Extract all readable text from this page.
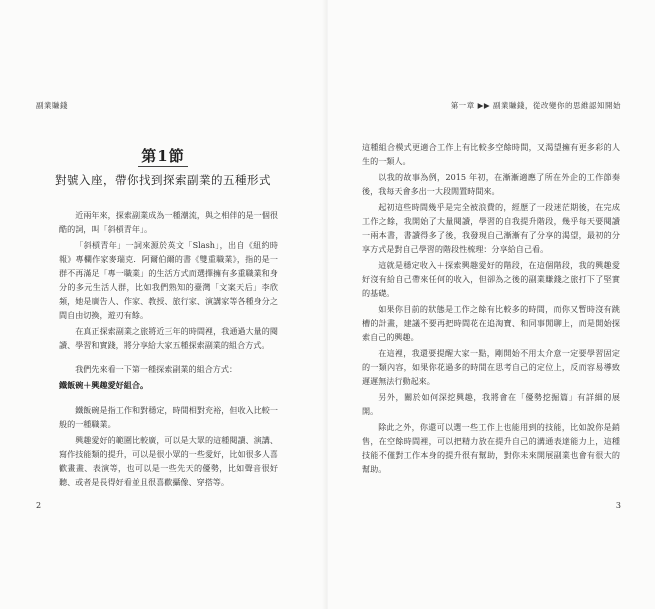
副業賺錢
第1節
對號入座，帶你找到探索副業的五種形式

近兩年來，探索副業成為一種潮流，與之相伴的是一個很酷的詞，叫「斜槓青年」。

「斜槓青年」一詞來源於英文「Slash」，出自《紐約時報》專欄作家麥瑞克．阿爾伯爾的書《雙重職業》，指的是一群不再滿足「專一職業」的生活方式而選擇擁有多重職業和身分的多元生活人群，比如我們熟知的臺灣「文案天后」李欣頻，她是廣告人、作家、教授、旅行家、演講家等各種身分之間自由切換，遊刃有餘。

在真正探索副業之旅將近三年的時間裡，我通過大量的閱讀、學習和實踐，將分享給大家五種探索副業的組合方式。

我們先來看一下第一種探索副業的組合方式：

鐵飯碗＋興趣愛好組合。

鐵飯碗是指工作和對穩定，時間相對充裕，但收入比較一般的一種職業。

興趣愛好的範圍比較廣，可以是大眾的這種閱讀、演講、寫作技能類的提升，可以是很小眾的一些愛好，比如很多人喜歡畫畫、表演等，也可以是一些先天的優勢，比如聲音很好聽、或者是長得好看並且很喜歡攝像、穿搭等。

2
第一章 ▶▶ 副業賺錢，從改變你的思維認知開始

這種組合模式更適合工作上有比較多空餘時間，又渴望擁有更多彩的人生的一類人。

以我的故事為例，2015 年初，在漸漸適應了所在外企的工作節奏後，我每天會多出一大段閒置時間來。

起初這些時間幾乎是完全被浪費的，經歷了一段迷茫期後，在完成工作之餘，我開始了大量閱讀，學習的自我提升階段，幾乎每天要閱讀一兩本書，書讀得多了後，我發現自己漸漸有了分享的渴望，最初的分享方式是對自己學習的階段性梳理：分享給自己看。

這就是穩定收入＋探索興趣愛好的階段，在這個階段，我的興趣愛好沒有給自己帶來任何的收入，但卻為之後的副業賺錢之旅打下了堅實的基礎。

如果你目前的狀態是工作之餘有比較多的時間，而你又暫時沒有跳槽的計畫，建議不要再把時間花在追淘寶、和同事閒聊上，而是開始探索自己的興趣。

在這裡，我還要提醒大家一點，剛開始不用太介意一定要學習固定的一類內容，如果你花過多的時間在思考自己的定位上，反而容易導致遲遲無法行動起來。

另外，關於如何深挖興趣，我將會在「優勢挖掘篇」有詳細的展開。

除此之外，你還可以選一些工作上也能用到的技能，比如說你是銷售，在空餘時間裡，可以把精力放在提升自己的溝通表達能力上，這種技能不僅對工作本身的提升很有幫助，對你未來開展副業也會有很大的幫助。

3
